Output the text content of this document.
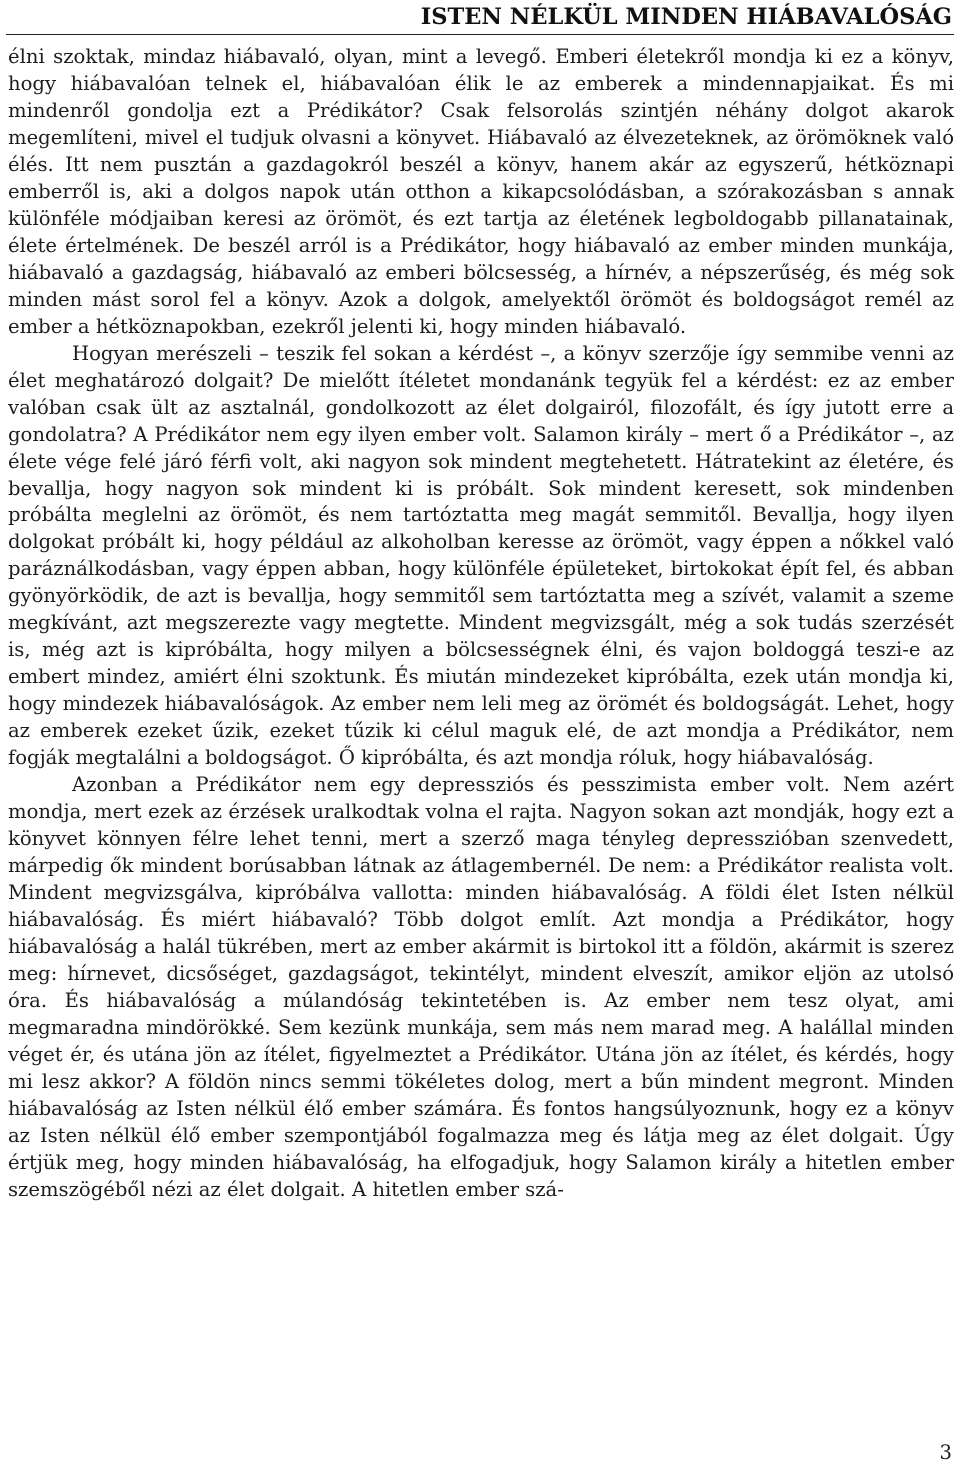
ISTEN NÉLKÜL MINDEN HIÁBAVALÓSÁG

élni szoktak, mindaz hiábavaló, olyan, mint a levegő. Emberi életekről mondja ki ez a könyv, hogy hiábavalóan telnek el, hiábavalóan élik le az emberek a mindennapjaikat. És mi mindenről gondolja ezt a Prédikátor? Csak felsorolás szintjén néhány dolgot akarok megemlíteni, mivel el tudjuk olvasni a könyvet. Hiábavaló az élvezeteknek, az örömöknek való élés. Itt nem pusztán a gazdagokról beszél a könyv, hanem akár az egyszerű, hétköznapi emberről is, aki a dolgos napok után otthon a kikapcsolódásban, a szórakozásban s annak különféle módjaiban keresi az örömöt, és ezt tartja az életének legboldogabb pillanatainak, élete értelmének. De beszél arról is a Prédikátor, hogy hiábavaló az ember minden munkája, hiábavaló a gazdagság, hiábavaló az emberi bölcsesség, a hírnév, a népszerűség, és még sok minden mást sorol fel a könyv. Azok a dolgok, amelyektől örömöt és boldogságot remél az ember a hétköznapokban, ezekről jelenti ki, hogy minden hiábavaló.

Hogyan merészeli – teszik fel sokan a kérdést –, a könyv szerzője így semmibe venni az élet meghatározó dolgait? De mielőtt ítéletet mondanánk tegyük fel a kérdést: ez az ember valóban csak ült az asztalnál, gondolkozott az élet dolgairól, filozofált, és így jutott erre a gondolatra? A Prédikátor nem egy ilyen ember volt. Salamon király – mert ő a Prédikátor –, az élete vége felé járó férfi volt, aki nagyon sok mindent megtehetett. Hátratekint az életére, és bevallja, hogy nagyon sok mindent ki is próbált. Sok mindent keresett, sok mindenben próbálta meglelni az örömöt, és nem tartóztatta meg magát semmitől. Bevallja, hogy ilyen dolgokat próbált ki, hogy például az alkoholban keresse az örömöt, vagy éppen a nőkkel való paráználkodásban, vagy éppen abban, hogy különféle épületeket, birtokokat épít fel, és abban gyönyörködik, de azt is bevallja, hogy semmitől sem tartóztatta meg a szívét, valamit a szeme megkívánt, azt megszerezte vagy megtette. Mindent megvizsgált, még a sok tudás szerzését is, még azt is kipróbálta, hogy milyen a bölcsességnek élni, és vajon boldoggá teszi-e az embert mindez, amiért élni szoktunk. És miután mindezeket kipróbálta, ezek után mondja ki, hogy mindezek hiábavalóságok. Az ember nem leli meg az örömét és boldogságát. Lehet, hogy az emberek ezeket űzik, ezeket tűzik ki célul maguk elé, de azt mondja a Prédikátor, nem fogják megtalálni a boldogságot. Ő kipróbálta, és azt mondja róluk, hogy hiábavalóság.

Azonban a Prédikátor nem egy depressziós és pesszimista ember volt. Nem azért mondja, mert ezek az érzések uralkodtak volna el rajta. Nagyon sokan azt mondják, hogy ezt a könyvet könnyen félre lehet tenni, mert a szerző maga tényleg depresszióban szenvedett, márpedig ők mindent borúsabban látnak az átlagembernél. De nem: a Prédikátor realista volt. Mindent megvizsgálva, kipróbálva vallotta: minden hiábavalóság. A földi élet Isten nélkül hiábavalóság. És miért hiábavaló? Több dolgot említ. Azt mondja a Prédikátor, hogy hiábavalóság a halál tükrében, mert az ember akármit is birtokol itt a földön, akármit is szerez meg: hírnevet, dicsőséget, gazdagságot, tekintélyt, mindent elveszít, amikor eljön az utolsó óra. És hiábavalóság a múlandóság tekintetében is. Az ember nem tesz olyat, ami megmaradna mindörökké. Sem kezünk munkája, sem más nem marad meg. A halállal minden véget ér, és utána jön az ítélet, figyelmeztet a Prédikátor. Utána jön az ítélet, és kérdés, hogy mi lesz akkor? A földön nincs semmi tökéletes dolog, mert a bűn mindent megront. Minden hiábavalóság az Isten nélkül élő ember számára. És fontos hangsúlyoznunk, hogy ez a könyv az Isten nélkül élő ember szempontjából fogalmazza meg és látja meg az élet dolgait. Úgy értjük meg, hogy minden hiábavalóság, ha elfogadjuk, hogy Salamon király a hitetlen ember szemszögéből nézi az élet dolgait. A hitetlen ember szá-

3
